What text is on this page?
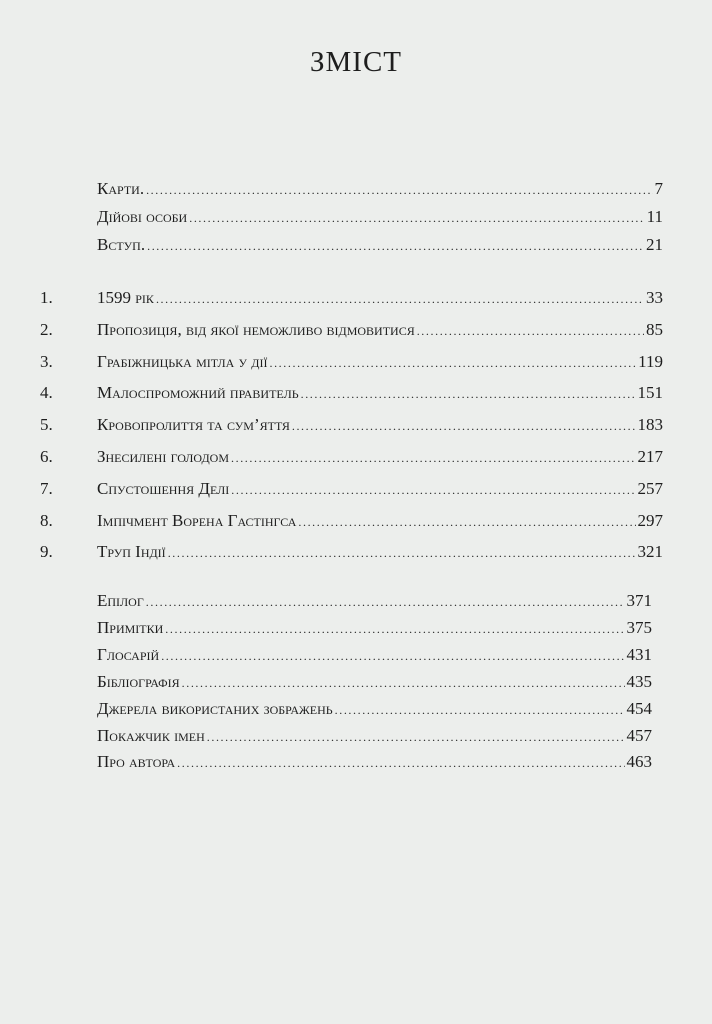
ЗМІСТ
Карти. .....	7
Дійові особи .....	11
Вступ. .....	21
1.	1599 рік .....	33
2.	Пропозиція, від якої неможливо відмовитися .....	85
3.	Грабіжницька мітла у дії .....	119
4.	Малоспроможний правитель .....	151
5.	Кровопролиття та сум’яття .....	183
6.	Знесилені голодом .....	217
7.	Спустошення Делі .....	257
8.	Імпічмент Ворена Гастінгса .....	297
9.	Труп Індії .....	321
Епілог .....	371
Примітки .....	375
Глосарій .....	431
Бібліографія .....	435
Джерела використаних зображень .....	454
Покажчик імен .....	457
Про автора .....	463
